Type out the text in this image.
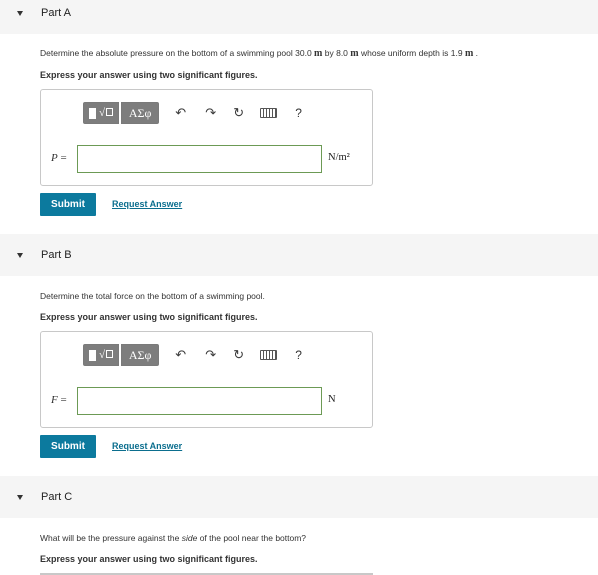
Part A
Determine the absolute pressure on the bottom of a swimming pool 30.0 m by 8.0 m whose uniform depth is 1.9 m .
Express your answer using two significant figures.
√	ΑΣφ	↶	↷	↻	?
P =	N/m²
Submit	Request Answer
Part B
Determine the total force on the bottom of a swimming pool.
Express your answer using two significant figures.
√	ΑΣφ	↶	↷	↻	?
F =	N
Submit	Request Answer
Part C
What will be the pressure against the side of the pool near the bottom?
Express your answer using two significant figures.
